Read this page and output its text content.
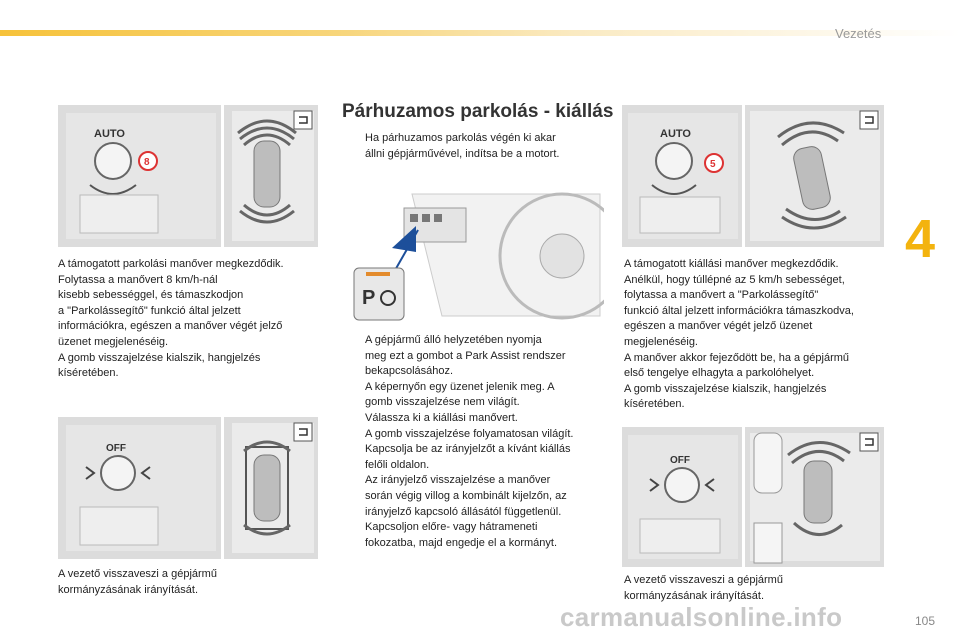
Vezetés
4
AUTO
8

A támogatott parkolási manőver megkezdődik.

Folytassa a manővert 8 km/h-nál

kisebb sebességgel, és támaszkodjon

a "Parkolássegítő" funkció által jelzett

információkra, egészen a manőver végét jelző

üzenet megjelenéséig.

A gomb visszajelzése kialszik, hangjelzés

kíséretében.

OFF

A vezető visszaveszi a gépjármű

kormányzásának irányítását.

Párhuzamos parkolás - kiállás
Ha párhuzamos parkolás végén ki akar
állni gépjárművével, indítsa be a motort.
P
A gépjármű álló helyzetében nyomja
meg ezt a gombot a Park Assist rendszer
bekapcsolásához.
A képernyőn egy üzenet jelenik meg. A
gomb visszajelzése nem világít.
Válassza ki a kiállási manővert.
A gomb visszajelzése folyamatosan világít.
Kapcsolja be az irányjelzőt a kívánt kiállás
felőli oldalon.
Az irányjelző visszajelzése a manőver
során végig villog a kombinált kijelzőn, az
irányjelző kapcsoló állásától függetlenül.
Kapcsoljon előre- vagy hátrameneti
fokozatba, majd engedje el a kormányt.
AUTO
5

A támogatott kiállási manőver megkezdődik.

Anélkül, hogy túllépné az 5 km/h sebességet,

folytassa a manővert a "Parkolássegítő"

funkció által jelzett információkra támaszkodva,

egészen a manőver végét jelző üzenet

megjelenéséig.

A manőver akkor fejeződött be, ha a gépjármű

első tengelye elhagyta a parkolóhelyet.

A gomb visszajelzése kialszik, hangjelzés

kíséretében.

OFF

A vezető visszaveszi a gépjármű

kormányzásának irányítását.

carmanualsonline.info	105
